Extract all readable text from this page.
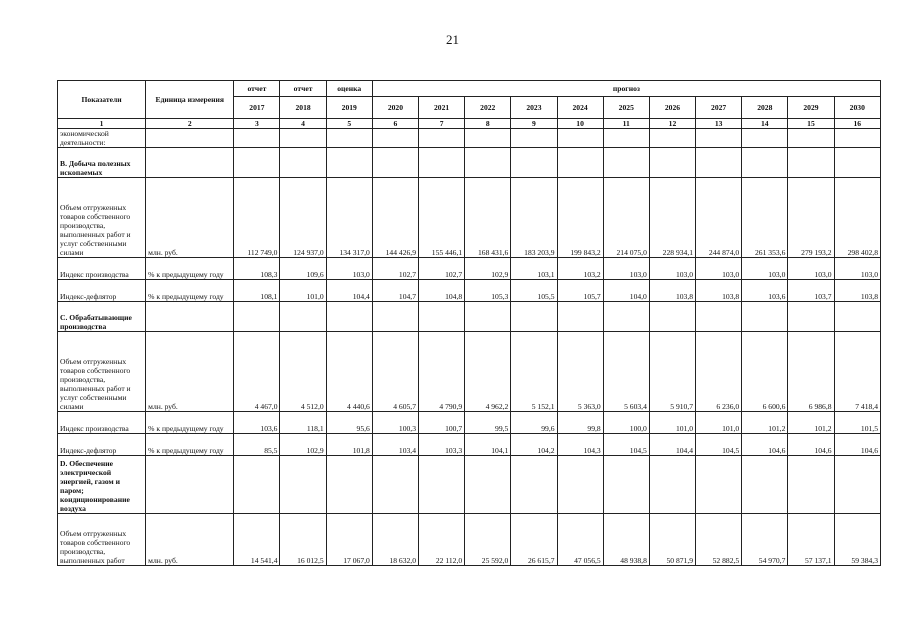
21
Показатели	Единица измерения	отчет	отчет	оценка	прогноз										
		2017	2018	2019	2020	2021	2022	2023	2024	2025	2026	2027	2028	2029	2030
1	2	3	4	5	6	7	8	9	10	11	12	13	14	15	16
экономической деятельности:															
B. Добыча полезных ископаемых															
Объем отгруженных товаров собственного производства, выполненных работ и услуг собственными силами	млн. руб.	112 749,0	124 937,0	134 317,0	144 426,9	155 446,1	168 431,6	183 203,9	199 843,2	214 075,0	228 934,1	244 874,0	261 353,6	279 193,2	298 402,8
Индекс производства	% к предыдущему году	108,3	109,6	103,0	102,7	102,7	102,9	103,1	103,2	103,0	103,0	103,0	103,0	103,0	103,0
Индекс-дефлятор	% к предыдущему году	108,1	101,0	104,4	104,7	104,8	105,3	105,5	105,7	104,0	103,8	103,8	103,6	103,7	103,8
C. Обрабатывающие производства															
Объем отгруженных товаров собственного производства, выполненных работ и услуг собственными силами	млн. руб.	4 467,0	4 512,0	4 440,6	4 605,7	4 790,9	4 962,2	5 152,1	5 363,0	5 603,4	5 910,7	6 236,0	6 600,6	6 986,8	7 418,4
Индекс производства	% к предыдущему году	103,6	118,1	95,6	100,3	100,7	99,5	99,6	99,8	100,0	101,0	101,0	101,2	101,2	101,5
Индекс-дефлятор	% к предыдущему году	85,5	102,9	101,8	103,4	103,3	104,1	104,2	104,3	104,5	104,4	104,5	104,6	104,6	104,6
D. Обеспечение электрической энергией, газом и паром; кондиционирование воздуха															
Объем отгруженных товаров собственного производства, выполненных работ	млн. руб.	14 541,4	16 012,5	17 067,0	18 632,0	22 112,0	25 592,0	26 615,7	47 056,5	48 938,8	50 871,9	52 882,5	54 970,7	57 137,1	59 384,3
